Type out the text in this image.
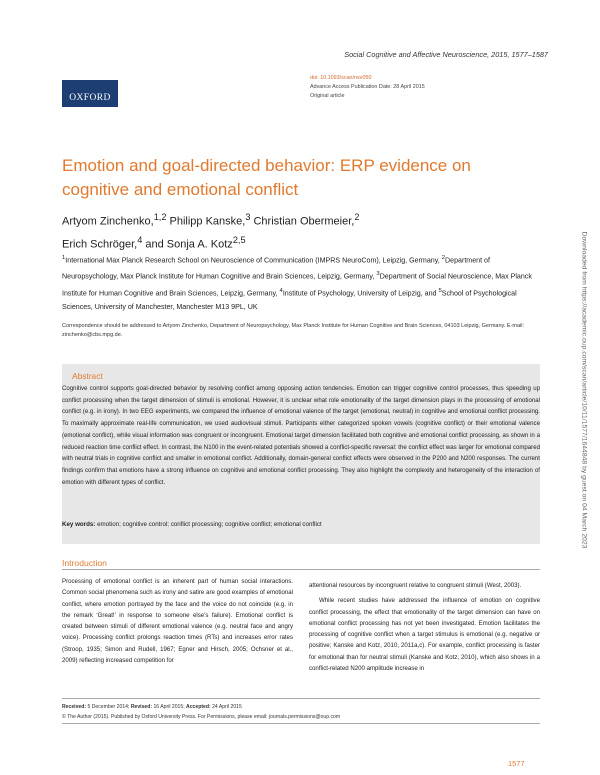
Social Cognitive and Affective Neuroscience, 2015, 1577–1587
OXFORD
doi: 10.1093/scan/nsv050
Advance Access Publication Date: 28 April 2015
Original article
Emotion and goal-directed behavior: ERP evidence on cognitive and emotional conflict
Artyom Zinchenko,$^{1,2}$ Philipp Kanske,$^3$ Christian Obermeier,$^2$
Erich Schröger,$^4$ and Sonja A. Kotz$^{2,5}$
$^1$International Max Planck Research School on Neuroscience of Communication (IMPRS NeuroCom), Leipzig, Germany, $^2$Department of Neuropsychology, Max Planck Institute for Human Cognitive and Brain Sciences, Leipzig, Germany, $^3$Department of Social Neuroscience, Max Planck Institute for Human Cognitive and Brain Sciences, Leipzig, Germany, $^4$Institute of Psychology, University of Leipzig, and $^5$School of Psychological Sciences, University of Manchester, Manchester M13 9PL, UK
Correspondence should be addressed to Artyom Zinchenko, Department of Neuropsychology, Max Planck Institute for Human Cognitive and Brain Sciences, 04103 Leipzig, Germany. E-mail: zinchenko@cbs.mpg.de.
Abstract
Cognitive control supports goal-directed behavior by resolving conflict among opposing action tendencies. Emotion can trigger cognitive control processes, thus speeding up conflict processing when the target dimension of stimuli is emotional. However, it is unclear what role emotionality of the target dimension plays in the processing of emotional conflict (e.g. in irony). In two EEG experiments, we compared the influence of emotional valence of the target (emotional, neutral) in cognitive and emotional conflict processing. To maximally approximate real-life communication, we used audiovisual stimuli. Participants either categorized spoken vowels (cognitive conflict) or their emotional valence (emotional conflict), while visual information was congruent or incongruent. Emotional target dimension facilitated both cognitive and emotional conflict processing, as shown in a reduced reaction time conflict effect. In contrast, the N100 in the event-related potentials showed a conflict-specific reversal: the conflict effect was larger for emotional compared with neutral trials in cognitive conflict and smaller in emotional conflict. Additionally, domain-general conflict effects were observed in the P200 and N200 responses. The current findings confirm that emotions have a strong influence on cognitive and emotional conflict processing. They also highlight the complexity and heterogeneity of the interaction of emotion with different types of conflict.
Key words: emotion; cognitive control; conflict processing; cognitive conflict; emotional conflict
Introduction
Processing of emotional conflict is an inherent part of human social interactions. Common social phenomena such as irony and satire are good examples of emotional conflict, where emotion portrayed by the face and the voice do not coincide (e.g. in the remark ‘Great!’ in response to someone else’s failure). Emotional conflict is created between stimuli of different emotional valence (e.g. neutral face and angry voice). Processing conflict prolongs reaction times (RTs) and increases error rates (Stroop, 1935; Simon and Rudell, 1967; Egner and Hirsch, 2005; Ochsner et al., 2009) reflecting increased competition for

attentional resources by incongruent relative to congruent stimuli (West, 2003).

While recent studies have addressed the influence of emotion on cognitive conflict processing, the effect that emotionality of the target dimension can have on emotional conflict processing has not yet been investigated. Emotion facilitates the processing of cognitive conflict when a target stimulus is emotional (e.g. negative or positive; Kanske and Kotz, 2010, 2011a,c). For example, conflict processing is faster for emotional than for neutral stimuli (Kanske and Kotz, 2010), which also shows in a conflict-related N200 amplitude increase in

Received: 5 December 2014; Revised: 16 April 2015; Accepted: 24 April 2015
© The Author (2015). Published by Oxford University Press. For Permissions, please email: journals.permissions@oup.com
1577
Downloaded from https://academic.oup.com/scan/article/10/11/1577/1644848 by guest on 04 March 2023
